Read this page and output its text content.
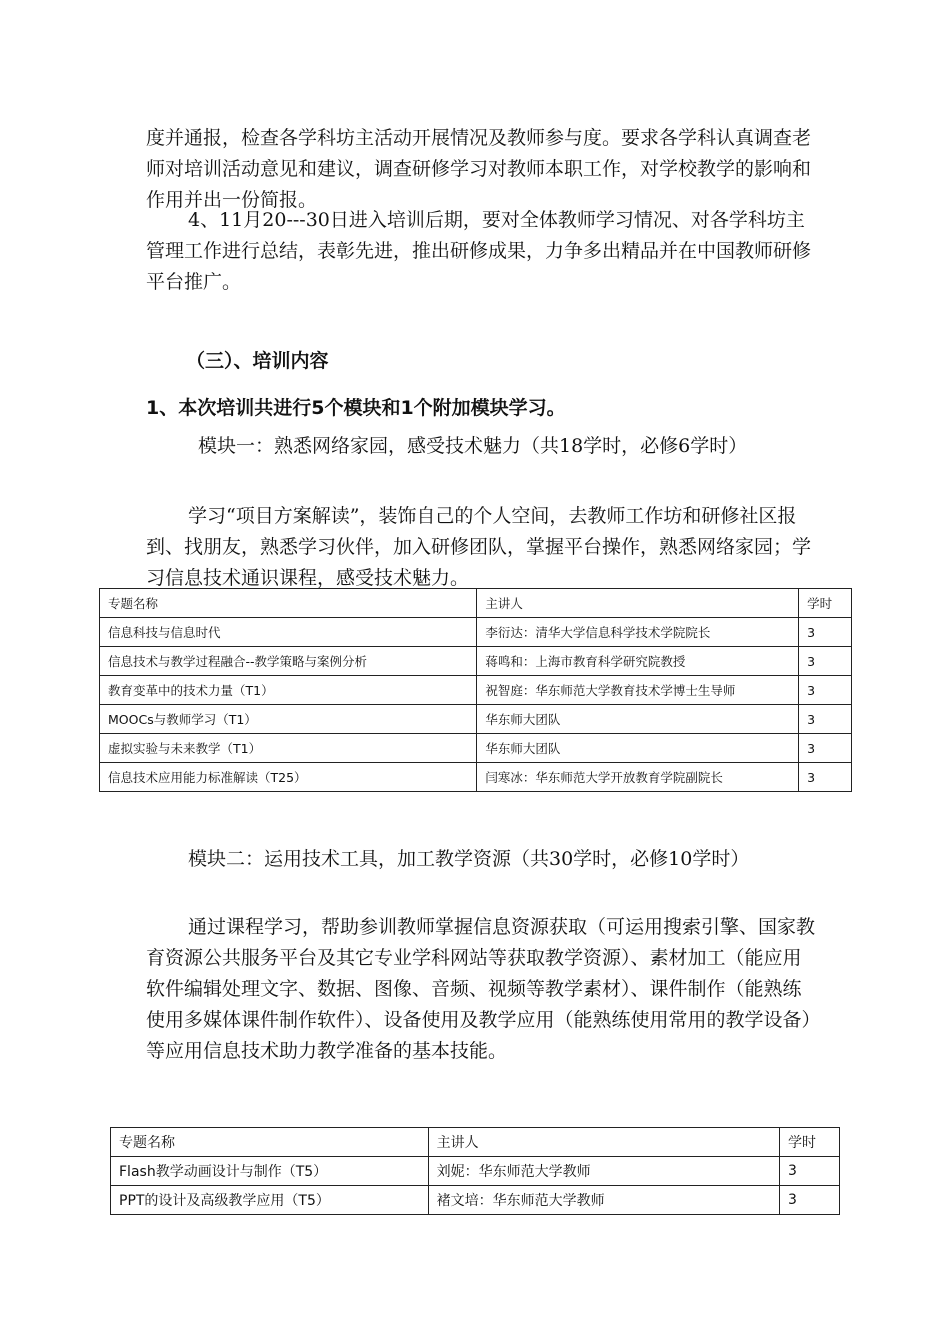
度并通报，检查各学科坊主活动开展情况及教师参与度。要求各学科认真调查老师对培训活动意见和建议，调查研修学习对教师本职工作，对学校教学的影响和作用并出一份简报。
4、11月20---30日进入培训后期，要对全体教师学习情况、对各学科坊主管理工作进行总结，表彰先进，推出研修成果，力争多出精品并在中国教师研修平台推广。
（三）、培训内容
1、本次培训共进行5个模块和1个附加模块学习。
模块一：熟悉网络家园，感受技术魅力（共18学时，必修6学时）
学习“项目方案解读”，装饰自己的个人空间，去教师工作坊和研修社区报到、找朋友，熟悉学习伙伴，加入研修团队，掌握平台操作，熟悉网络家园；学习信息技术通识课程，感受技术魅力。
专题名称	主讲人	学时
信息科技与信息时代	李衍达：清华大学信息科学技术学院院长	3
信息技术与教学过程融合--教学策略与案例分析	蒋鸣和：上海市教育科学研究院教授	3
教育变革中的技术力量（T1）	祝智庭：华东师范大学教育技术学博士生导师	3
MOOCs与教师学习（T1）	华东师大团队	3
虚拟实验与未来教学（T1）	华东师大团队	3
信息技术应用能力标准解读（T25）	闫寒冰：华东师范大学开放教育学院副院长	3
模块二：运用技术工具，加工教学资源（共30学时，必修10学时）
通过课程学习，帮助参训教师掌握信息资源获取（可运用搜索引擎、国家教育资源公共服务平台及其它专业学科网站等获取教学资源）、素材加工（能应用软件编辑处理文字、数据、图像、音频、视频等教学素材）、课件制作（能熟练使用多媒体课件制作软件）、设备使用及教学应用（能熟练使用常用的教学设备）等应用信息技术助力教学准备的基本技能。
专题名称	主讲人	学时
Flash教学动画设计与制作（T5）	刘妮：华东师范大学教师	3
PPT的设计及高级教学应用（T5）	褚文培：华东师范大学教师	3
